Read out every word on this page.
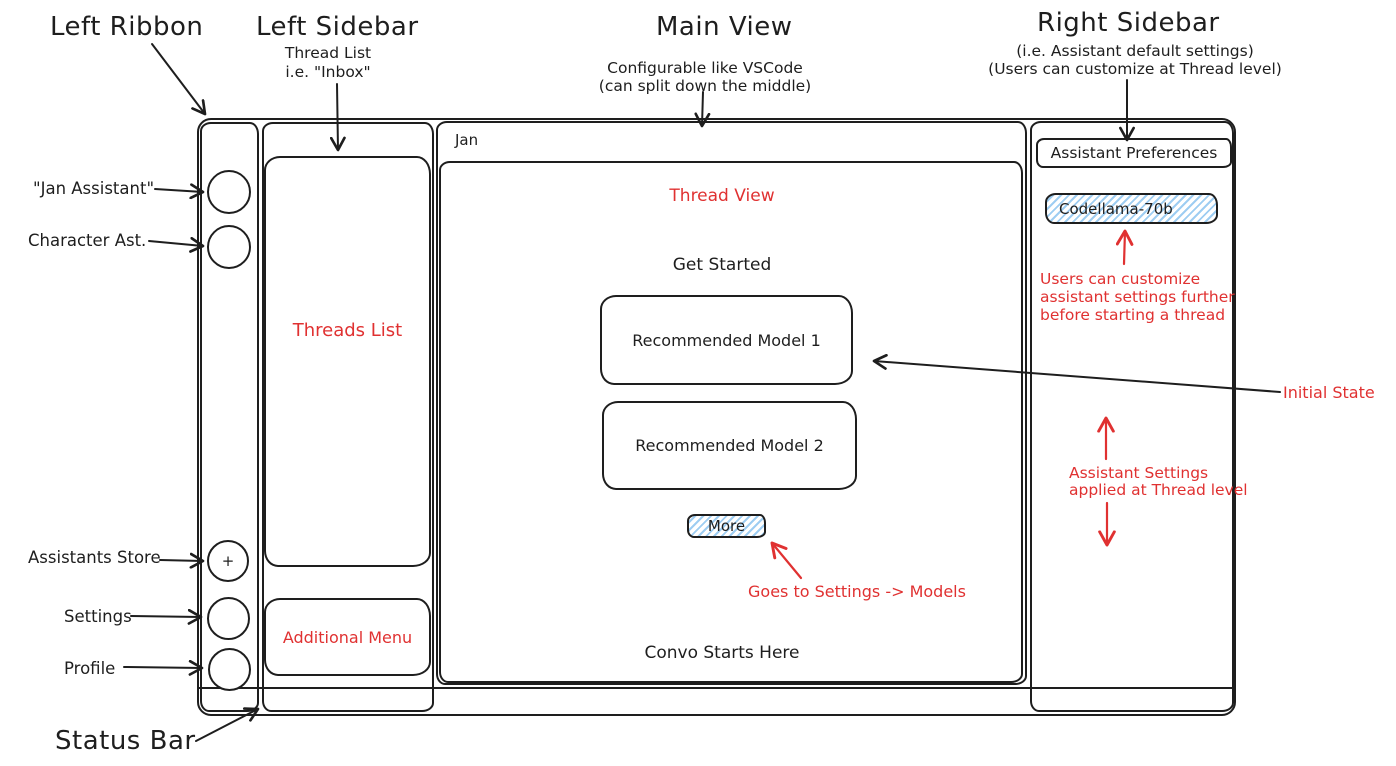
Left Ribbon Left Sidebar
Thread List
i.e. "Inbox"
Main View
Configurable like VSCode
(can split down the middle)
Right Sidebar
(i.e. Assistant default settings)
(Users can customize at Thread level)
Status Bar
"Jan Assistant"
Character Ast.
Assistants Store
Settings
Profile
+
Threads List
Additional Menu
Jan
Thread View
Get Started
Recommended Model 1
Recommended Model 2
More
Goes to Settings -> Models
Convo Starts Here
Assistant Preferences
Codellama-70b
Users can customize
assistant settings further
before starting a thread
Assistant Settings
applied at Thread level
Initial State
